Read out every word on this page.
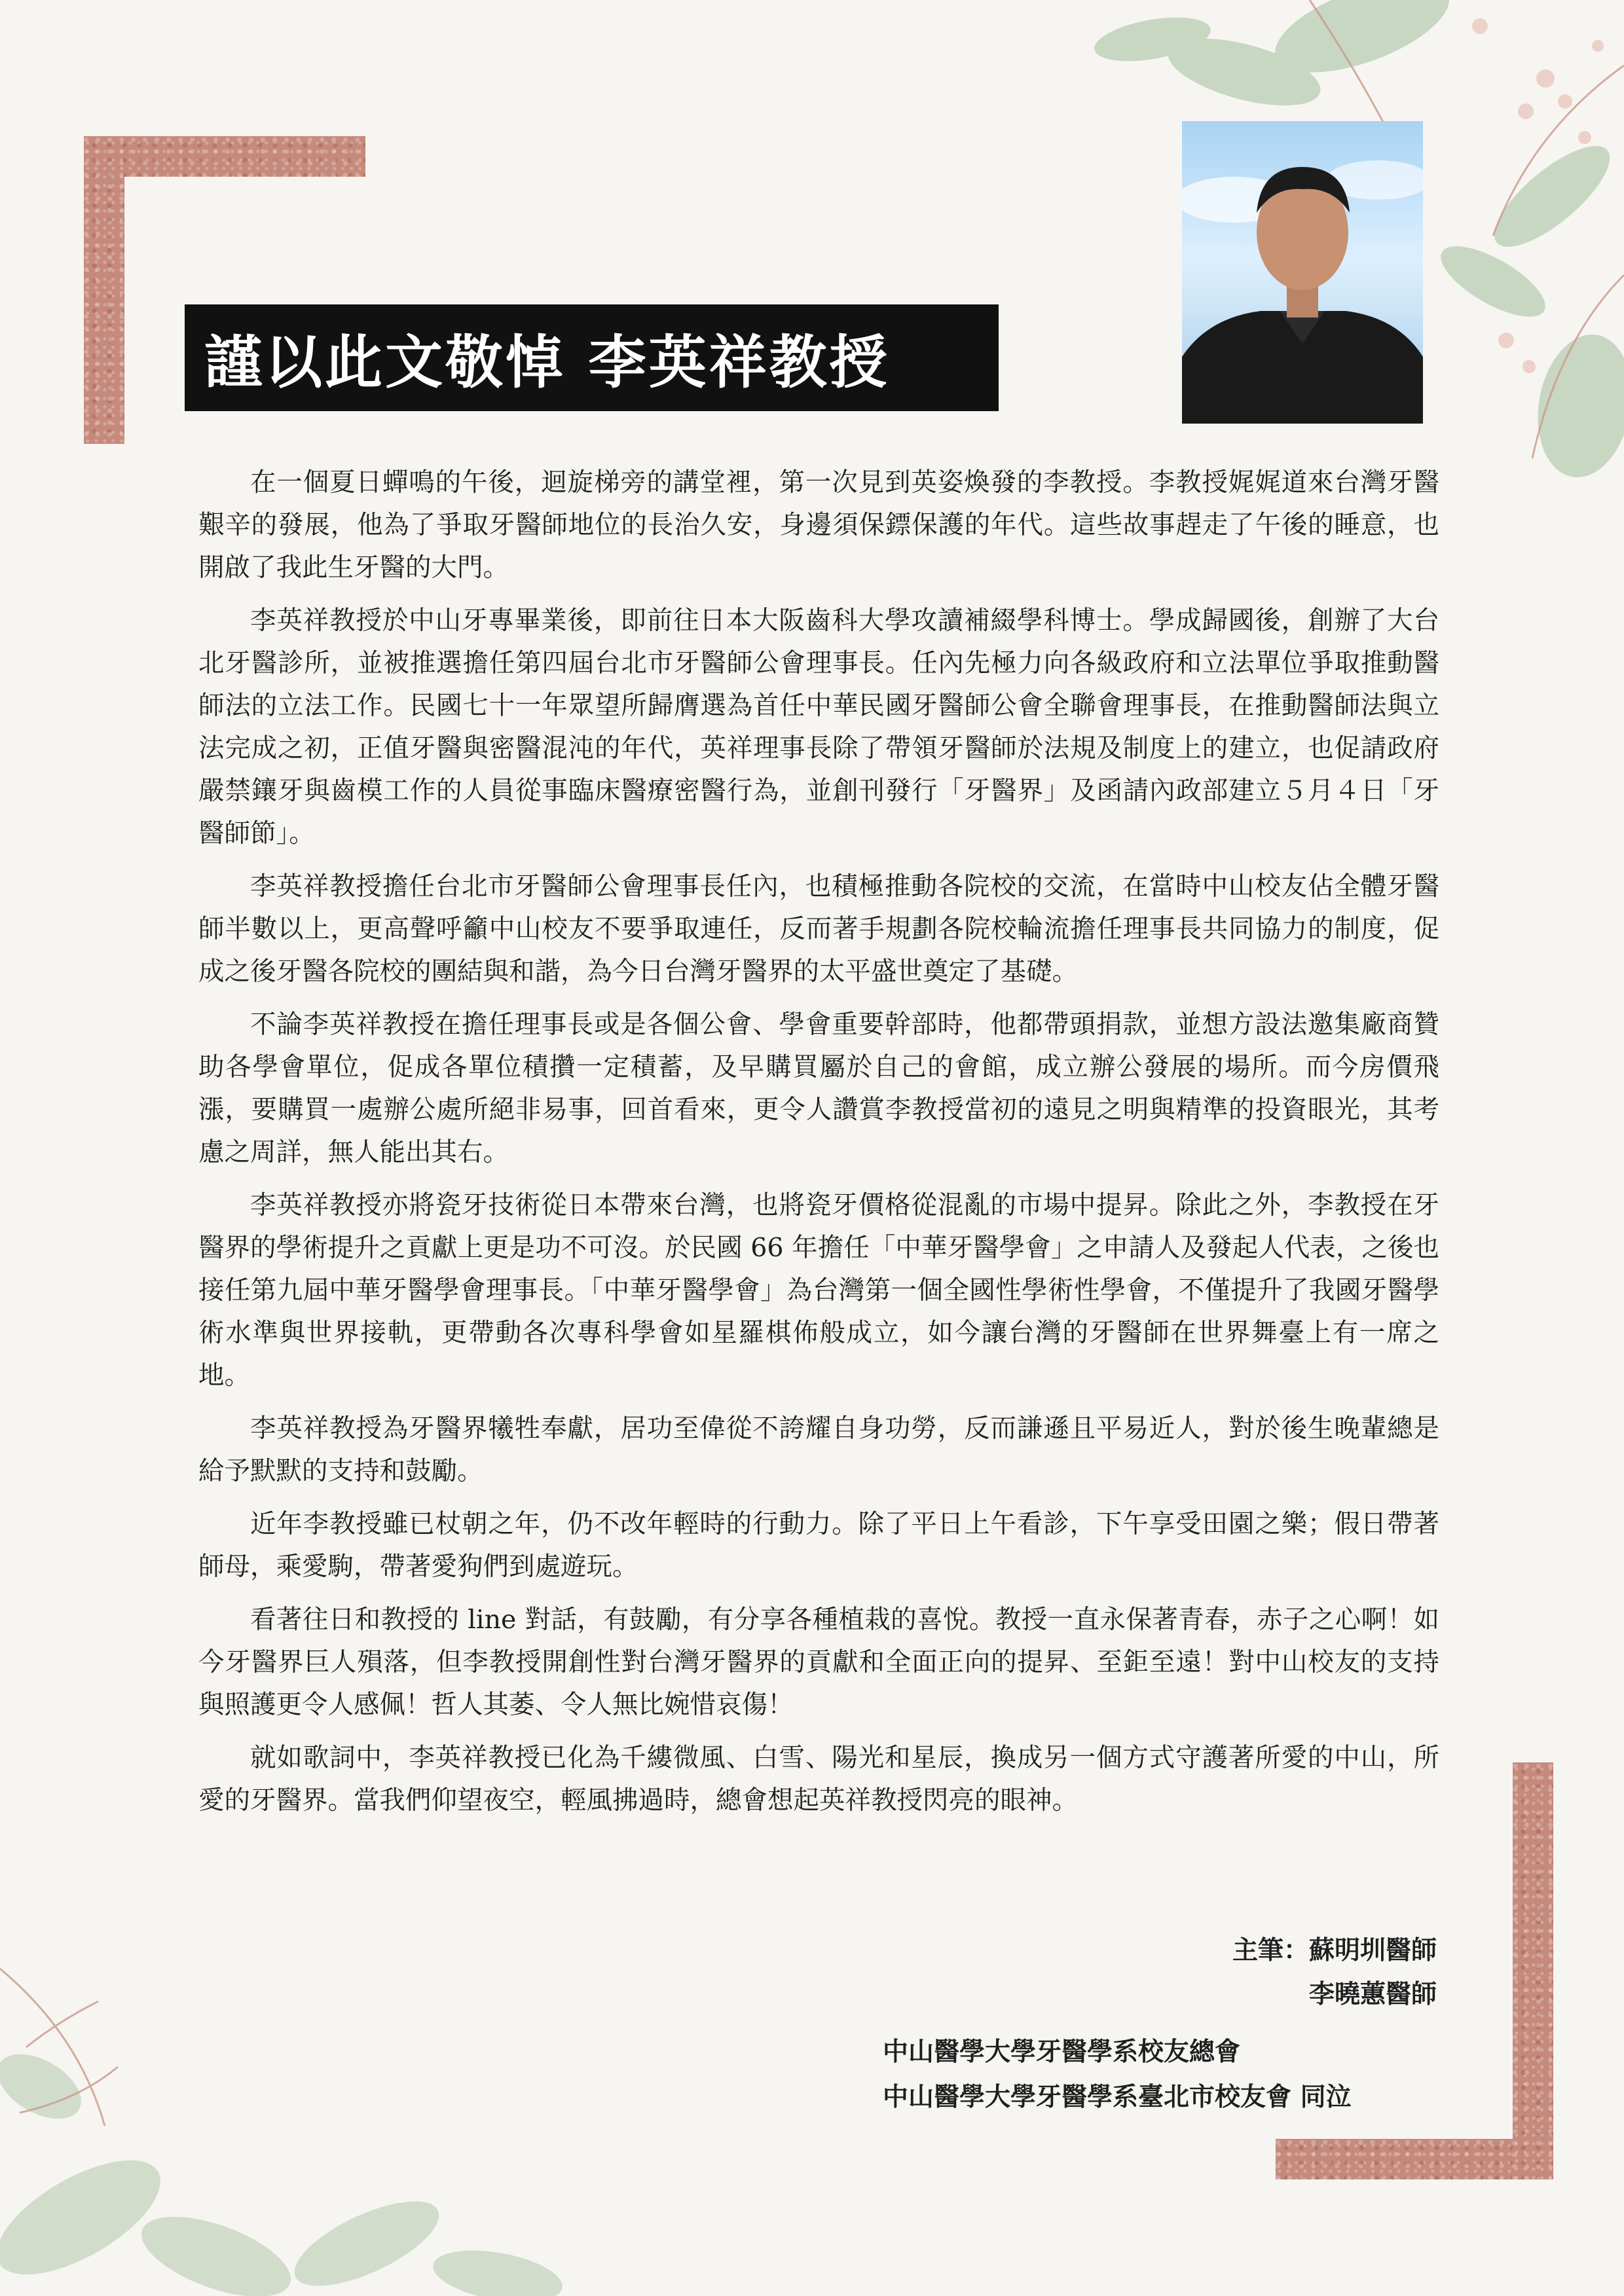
謹以此文敬悼 李英祥教授

在一個夏日蟬鳴的午後，迴旋梯旁的講堂裡，第一次見到英姿煥發的李教授。李教授娓娓道來台灣牙醫艱辛的發展，他為了爭取牙醫師地位的長治久安，身邊須保鏢保護的年代。這些故事趕走了午後的睡意，也開啟了我此生牙醫的大門。

李英祥教授於中山牙專畢業後，即前往日本大阪齒科大學攻讀補綴學科博士。學成歸國後，創辦了大台北牙醫診所，並被推選擔任第四屆台北市牙醫師公會理事長。任內先極力向各級政府和立法單位爭取推動醫師法的立法工作。民國七十一年眾望所歸膺選為首任中華民國牙醫師公會全聯會理事長，在推動醫師法與立法完成之初，正值牙醫與密醫混沌的年代，英祥理事長除了帶領牙醫師於法規及制度上的建立，也促請政府嚴禁鑲牙與齒模工作的人員從事臨床醫療密醫行為，並創刊發行「牙醫界」及函請內政部建立５月４日「牙醫師節」。

李英祥教授擔任台北市牙醫師公會理事長任內，也積極推動各院校的交流，在當時中山校友佔全體牙醫師半數以上，更高聲呼籲中山校友不要爭取連任，反而著手規劃各院校輪流擔任理事長共同協力的制度，促成之後牙醫各院校的團結與和諧，為今日台灣牙醫界的太平盛世奠定了基礎。

不論李英祥教授在擔任理事長或是各個公會、學會重要幹部時，他都帶頭捐款，並想方設法邀集廠商贊助各學會單位，促成各單位積攢一定積蓄，及早購買屬於自己的會館，成立辦公發展的場所。而今房價飛漲，要購買一處辦公處所絕非易事，回首看來，更令人讚賞李教授當初的遠見之明與精準的投資眼光，其考慮之周詳，無人能出其右。

李英祥教授亦將瓷牙技術從日本帶來台灣，也將瓷牙價格從混亂的市場中提昇。除此之外，李教授在牙醫界的學術提升之貢獻上更是功不可沒。於民國 66 年擔任「中華牙醫學會」之申請人及發起人代表，之後也接任第九屆中華牙醫學會理事長。「中華牙醫學會」為台灣第一個全國性學術性學會，不僅提升了我國牙醫學術水準與世界接軌，更帶動各次專科學會如星羅棋佈般成立，如今讓台灣的牙醫師在世界舞臺上有一席之地。

李英祥教授為牙醫界犧牲奉獻，居功至偉從不誇耀自身功勞，反而謙遜且平易近人，對於後生晚輩總是給予默默的支持和鼓勵。

近年李教授雖已杖朝之年，仍不改年輕時的行動力。除了平日上午看診，下午享受田園之樂；假日帶著師母，乘愛駒，帶著愛狗們到處遊玩。

看著往日和教授的 line 對話，有鼓勵，有分享各種植栽的喜悅。教授一直永保著青春，赤子之心啊！如今牙醫界巨人殞落，但李教授開創性對台灣牙醫界的貢獻和全面正向的提昇、至鉅至遠！對中山校友的支持與照護更令人感佩！哲人其萎、令人無比婉惜哀傷！

就如歌詞中，李英祥教授已化為千縷微風、白雪、陽光和星辰，換成另一個方式守護著所愛的中山，所愛的牙醫界。當我們仰望夜空，輕風拂過時，總會想起英祥教授閃亮的眼神。

主筆：蘇明圳醫師
李曉蕙醫師
中山醫學大學牙醫學系校友總會
中山醫學大學牙醫學系臺北市校友會 同泣
